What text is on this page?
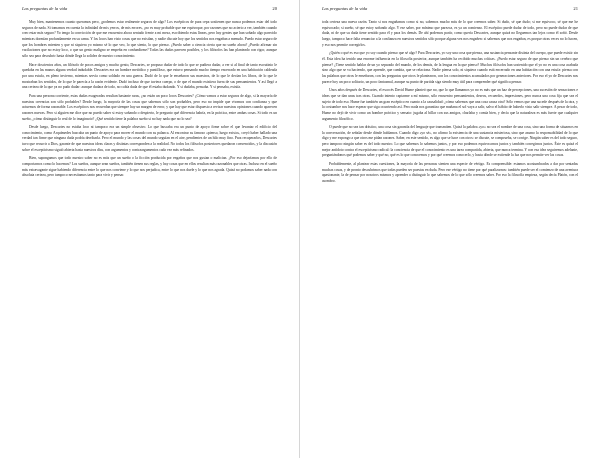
Las preguntas de la vida	20

Muy bien, mantenemos cuanto queramos pero, ¿podemos estar realmente seguros de algo? Los escépticos de pura cepa sostienen que nunca podemos estar del todo seguros de nada. Si tomamos en cuenta la infinidad de mis yerros, de mis errores, ¿no es muy probable que me equivoque, por razones que no acierto a ver, también cuando creo estar más seguro? Yo tengo la convicción de que me encuentro ahora sentado frente a mi mesa, escribiendo estas líneas, pero hay gentes que han soñado algo parecido mientras dormían profundamente en su cama. Y los locos han visto cosas que no existían, y nadie discute hoy que los sentidos nos engañan a menudo. Puedo estar seguro de que los hombres mienten y que ni siquiera yo mismo sé lo que veo, lo que siento, lo que pienso. ¿Puedo saber a ciencia cierta que no sueño ahora? ¿Puedo afirmar sin vacilaciones que no estoy loco, o que un genio maligno se empeña en confundirme? Todas las dudas parecen posibles, y los filósofos las han planteado con rigor, aunque sólo sea para descubrir hasta dónde llega la solidez de nuestro conocimiento.

Hace doscientos años, un filósofo de pocos amigos y mucho genio, Descartes, se propuso dudar de todo lo que se pudiera dudar, a ver si al final de tanto escrutinio le quedaba en las manos alguna verdad indudable. Descartes era un hombre metódico y puntilloso, que estuvo pensando mucho tiempo encerrado en una habitación caldeada por una estufa, en pleno invierno, mientras servía como soldado en una guerra. Dudó de lo que le enseñaron sus maestros, de lo que le decían los libros, de lo que le mostraban los sentidos, de lo que le parecía a la razón evidente. Dudó incluso de que tuviera cuerpo, o de que el mundo existiera fuera de sus pensamientos. Y así llegó a una certeza de la que ya no pudo dudar: aunque dudara de todo, no cabía duda de que él estaba dudando. Y si dudaba, pensaba. Y si pensaba, existía.

Para una persona corriente, estas dudas exageradas resultan bastante raras, ¿no están un poco locos Descartes? ¿Cómo vamos a estar seguros de algo, si la mayoría de nuestras creencias son sólo probables? Desde luego, la mayoría de las cosas que sabemos sólo son probables, pero eso no impide que vivamos con confianza y que actuemos de forma razonable. Los escépticos nos recuerdan que siempre hay un margen de error, y que hay que estar dispuesto a revisar nuestras opiniones cuando aparecen razones nuevas. Pero si alguien me dice que no puedo saber si estoy soñando o despierto, le pregunto qué diferencia habría, en la práctica, entre ambas cosas. Si todo es un sueño, ¿cómo distinguir lo real de lo imaginario? ¿Qué sentido tiene la palabra sueño si no hay nada que no lo sea?

Desde luego, Descartes no estaba loco ni tampoco era un simple obsesivo. Lo que buscaba era un punto de apoyo firme sobre el que levantar el edificio del conocimiento, como Arquímedes buscaba un punto de apoyo para mover el mundo con su palanca. Al encontrar su famoso «pienso, luego existo», creyó haber hallado una verdad tan firme que ninguna duda podría derribarla. Pero el mundo y las cosas del mundo seguían en el aire, pendientes de un hilo muy fino. Para recuperarlos, Descartes tuvo que recurrir a Dios, garante de que nuestras ideas claras y distintas corresponden a la realidad. No todos los filósofos posteriores quedaron convencidos, y la discusión sobre el escepticismo siguió abierta hasta nuestros días, con argumentos y contraargumentos cada vez más refinados.

Bien, supongamos que todo nuestro saber no es más que un sueño o la ficción producida por engaños que nos gustan o malician. ¿Por eso dejaríamos por ello de comportarnos como lo hacemos? Los sueños, aunque sean sueños, también tienen sus reglas, y hay cosas que en ellos resultan más razonables que otras. Incluso en el sueño más extravagante sigue habiendo diferencia entre lo que nos conviene y lo que nos perjudica, entre lo que nos duele y lo que nos agrada. Quizá no podamos saber nada con absoluta certeza, pero tampoco necesitamos tanto para vivir y pensar.

Las preguntas de la vida	21

toda certeza una nueva razón. Tanto si nos engañamos como si no, sabemos mucho más de lo que creemos saber. Si dudo, sé que dudo; si me equivoco, sé que me he equivocado; si sueño, sé que estoy soñando algo. Y ese saber, por mínimo que parezca, es ya un comienzo. El escéptico puede dudar de todo, pero no puede dudar de que duda, ni de que su duda tiene sentido para él y para los demás. De ahí podemos partir, como quería Descartes, aunque quizá no lleguemos tan lejos como él soñó. Desde luego, tampoco hace falta renunciar a la confianza en nuestros sentidos sólo porque alguna vez nos engañen: si sabemos que nos engañan, es porque otras veces no lo hacen, y eso nos permite corregirlos.

¿Quién o qué es eso que yo soy cuando pienso que sé algo? Para Descartes, yo soy una cosa que piensa, una sustancia pensante distinta del cuerpo, que puede existir sin él. Esta idea ha tenido una enorme influencia en la filosofía posterior, aunque también ha recibido muchas críticas. ¿Puedo estar seguro de que pienso sin un cerebro que piense? ¿Tiene sentido hablar de un yo separado del mundo, de los demás, de la lengua en la que pienso? Muchos filósofos han sostenido que el yo no es una cosa acabada sino algo que se va haciendo, que aprende, que cambia, que se relaciona. Nadie piensa solo, ni siquiera cuando está encerrado en una habitación con una estufa: piensa con las palabras que otros le enseñaron, con las preguntas que otros le plantearon, con los conocimientos acumulados por generaciones anteriores. Por eso el yo de Descartes nos parece hoy un poco solitario, un poco fantasmal, aunque su punto de partida siga siendo muy útil para comprender qué significa pensar.

Unos años después de Descartes, el escocés David Hume planteó que no, que lo que llamamos yo no es más que un haz de percepciones, una sucesión de sensaciones e ideas que se dan unas tras otras. Cuando intento captarme a mí mismo, sólo encuentro pensamientos, deseos, recuerdos, impresiones, pero nunca una cosa fija que sea el sujeto de todo eso. Hume fue también un gran escéptico en cuanto a la causalidad: ¿cómo sabemos que una cosa causa otra? Sólo vemos que una sucede después de la otra, y la costumbre nos hace esperar que siga ocurriendo así. Pero nada nos garantiza que mañana el sol vaya a salir, salvo el hábito de haberlo visto salir siempre. A pesar de todo, Hume no dejó de vivir como un hombre práctico y sensato: jugaba al billar con sus amigos, charlaba y comía bien, y decía que la naturaleza es más fuerte que cualquier argumento filosófico.

O puede que no sea tan drástico, una cosa sin garantía del lenguaje que transmiten. Quizá la palabra «yo» no sea el nombre de una cosa, sino una forma de situarnos en la conversación, de señalar desde dónde hablamos. Cuando digo «yo sé», no afirmo la existencia de una sustancia misteriosa, sino que asumo la responsabilidad de lo que digo y me expongo a que otros me pidan razones. Saber, en este sentido, es algo que se hace con otros: se discute, se comprueba, se corrige. Ningún saber es del todo seguro, pero tampoco ningún saber es del todo nuestro. Lo que sabemos lo sabemos juntos, y por eso podemos equivocarnos juntos y también corregirnos juntos. Éste es quizá el mejor antídoto contra el escepticismo radical: la conciencia de que el conocimiento es una tarea compartida, abierta, que nunca termina. Y con esa idea seguiremos adelante, preguntándonos qué podemos saber y qué no, qué es lo que conocemos y por qué creemos conocerlo, y hasta dónde se extiende la luz que nos permite ver las cosas.

Probablemente, al plantear estas cuestiones, la mayoría de las personas sienten una especie de vértigo. Es comprensible: estamos acostumbrados a dar por sentadas muchas cosas, y de pronto descubrimos que todas pueden ser puestas en duda. Pero ese vértigo no tiene por qué paralizarnos: también puede ser el comienzo de una aventura apasionante, la de pensar por nosotros mismos y aprender a distinguir lo que sabemos de lo que sólo creemos saber. Por eso la filosofía empieza, según decía Platón, con el asombro.
